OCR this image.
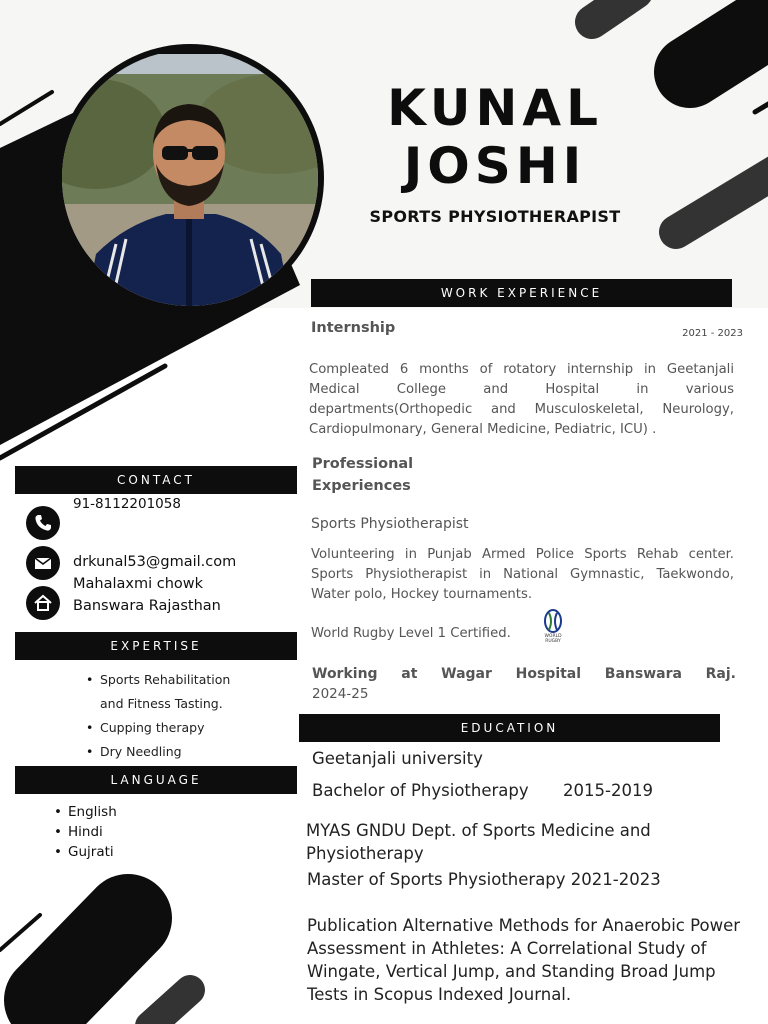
KUNAL
JOSHI
SPORTS PHYSIOTHERAPIST
WORK EXPERIENCE
Internship	2021 - 2023
Compleated 6 months of rotatory internship in Geetanjali Medical College and Hospital in various departments(Orthopedic and Musculoskeletal, Neurology, Cardiopulmonary, General Medicine, Pediatric, ICU) .
Professional
Experiences
Sports Physiotherapist
Volunteering in Punjab Armed Police Sports Rehab center. Sports Physiotherapist in National Gymnastic, Taekwondo, Water polo, Hockey tournaments.
World Rugby Level 1 Certified.	WORLD
RUGBY
Working at Wagar Hospital Banswara Raj.
2024-25
CONTACT
91-8112201058
drkunal53@gmail.com
Mahalaxmi chowk
Banswara Rajasthan
EXPERTISE
• Sports Rehabilitation
and Fitness Tasting.
• Cupping therapy
• Dry Needling
LANGUAGE
• English
• Hindi
• Gujrati
EDUCATION
Geetanjali university
Bachelor of Physiotherapy 2015-2019
MYAS GNDU Dept. of Sports Medicine and Physiotherapy
Master of Sports Physiotherapy 2021-2023
Publication Alternative Methods for Anaerobic Power Assessment in Athletes: A Correlational Study of Wingate, Vertical Jump, and Standing Broad Jump Tests in Scopus Indexed Journal.
